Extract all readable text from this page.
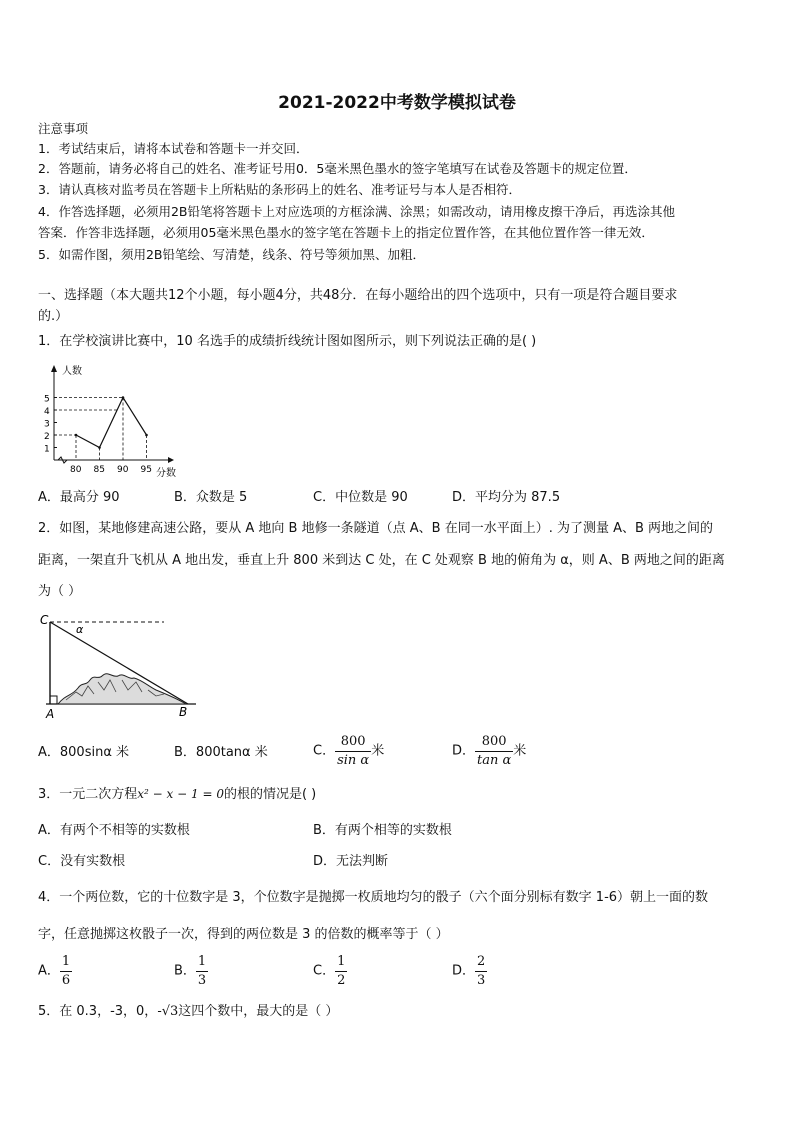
2021-2022中考数学模拟试卷
注意事项
1．考试结束后，请将本试卷和答题卡一并交回．
2．答题前，请务必将自己的姓名、准考证号用0．5毫米黑色墨水的签字笔填写在试卷及答题卡的规定位置．
3．请认真核对监考员在答题卡上所粘贴的条形码上的姓名、准考证号与本人是否相符．
4．作答选择题，必须用2B铅笔将答题卡上对应选项的方框涂满、涂黑；如需改动，请用橡皮擦干净后，再选涂其他
答案．作答非选择题，必须用05毫米黑色墨水的签字笔在答题卡上的指定位置作答，在其他位置作答一律无效．
5．如需作图，须用2B铅笔绘、写清楚，线条、符号等须加黑、加粗．
一、选择题（本大题共12个小题，每小题4分，共48分．在每小题给出的四个选项中，只有一项是符合题目要求
的.）
1．在学校演讲比赛中，10 名选手的成绩折线统计图如图所示，则下列说法正确的是( )
1
2
3
4
5
80 85 90 95
人数
分数
A．最高分 90	B．众数是 5	C．中位数是 90	D．平均分为 87.5
2．如图，某地修建高速公路，要从 A 地向 B 地修一条隧道（点 A、B 在同一水平面上）. 为了测量 A、B 两地之间的
距离，一架直升飞机从 A 地出发，垂直上升 800 米到达 C 处，在 C 处观察 B 地的俯角为 α，则 A、B 两地之间的距离
为（ ）
C
A	B
α
A．800sinα 米	B．800tanα 米	C． $\frac{800}{\text{sin α}}$ 米	D． $\frac{800}{\text{tan α}}$ 米
3．一元二次方程x² − x − 1 = 0的根的情况是( )
A．有两个不相等的实数根	B．有两个相等的实数根
C．没有实数根	D．无法判断
4．一个两位数，它的十位数字是 3，个位数字是抛掷一枚质地均匀的骰子（六个面分别标有数字 1-6）朝上一面的数
字，任意抛掷这枚骰子一次，得到的两位数是 3 的倍数的概率等于（ ）
A． $\frac{1}{6}$	B． $\frac{1}{3}$	C． $\frac{1}{2}$	D． $\frac{2}{3}$
5．在 0.3，-3，0，-√3这四个数中，最大的是（ ）
